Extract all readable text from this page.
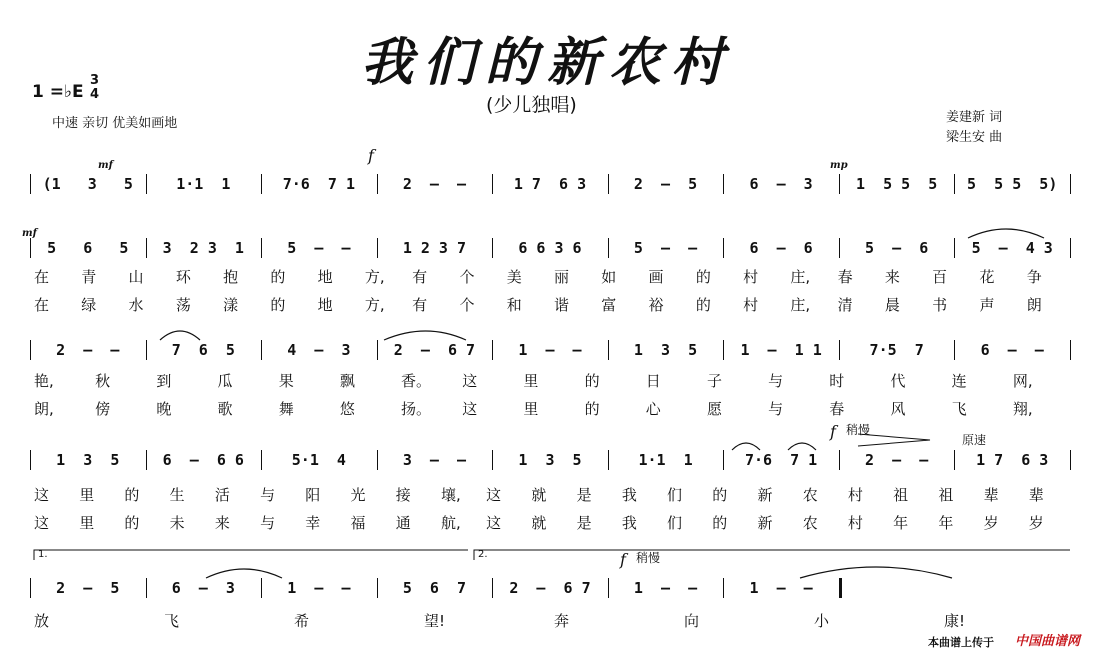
我们的新农村
(少儿独唱)
1 =♭E
3
4
中速 亲切 优美如画地	姜建新 词
梁生安 曲
f
mf	mp
mf
f 稍慢
原速
f 稍慢
1.	2.
(1   3   5	1·1  1	7·6  7 1	2  –  –	1 7  6 3	2  –  5	6  –  3	1  5 5  5	5  5 5  5)
5   6   5	3  2 3  1	5  –  –	1 2 3 7	6 6 3 6	5  –  –	6  –  6	5  –  6	5  –  4 3
2  –  –	7  6  5	4  –  3	2  –  6 7	1  –  –	1  3  5	1  –  1 1	7·5  7	6  –  –
1  3  5	6  –  6 6	5·1  4	3  –  –	1  3  5	1·1  1	7·6  7 1	2  –  –	1 7  6 3
2  –  5	6  –  3	1  –  –	5  6  7	2  –  6 7	1  –  –	1  –  –
在 青 山 环 抱 的 地 方, 有 个 美 丽 如 画 的 村 庄, 春 来 百 花 争
在 绿 水 荡 漾 的 地 方, 有 个 和 谐 富 裕 的 村 庄, 清 晨 书 声 朗
艳,	秋	到	瓜	果	飘	香。 这	里	的	日	子	与	时	代	连	网,
朗,	傍	晚	歌	舞	悠	扬。 这	里	的	心	愿	与	春	风	飞	翔,
这 里 的 生 活 与 阳 光 接 壤, 这 就 是 我 们 的 新 农 村 祖 祖 辈 辈
这 里 的 未 来 与 幸 福 通 航, 这 就 是 我 们 的 新 农 村 年 年 岁 岁
放	飞	希	望!	奔	向	小	康!
本曲谱上传于 中国曲谱网
